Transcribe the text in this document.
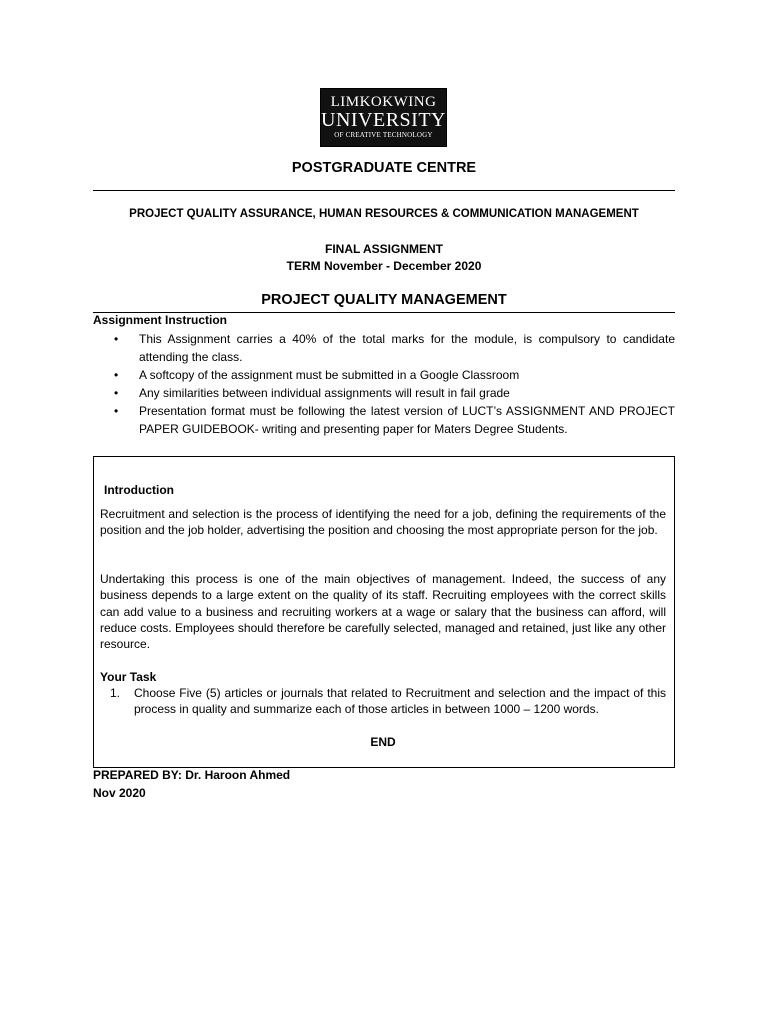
LIMKOKWING
UNIVERSITY
OF CREATIVE TECHNOLOGY
POSTGRADUATE CENTRE
PROJECT QUALITY ASSURANCE, HUMAN RESOURCES & COMMUNICATION MANAGEMENT
FINAL ASSIGNMENT
TERM November - December 2020
PROJECT QUALITY MANAGEMENT
Assignment Instruction
• This Assignment carries a 40% of the total marks for the module, is compulsory to candidate attending the class.
• A softcopy of the assignment must be submitted in a Google Classroom
• Any similarities between individual assignments will result in fail grade
• Presentation format must be following the latest version of LUCT’s ASSIGNMENT AND PROJECT PAPER GUIDEBOOK- writing and presenting paper for Maters Degree Students.
Introduction
Recruitment and selection is the process of identifying the need for a job, defining the requirements of the position and the job holder, advertising the position and choosing the most appropriate person for the job.
Undertaking this process is one of the main objectives of management. Indeed, the success of any business depends to a large extent on the quality of its staff. Recruiting employees with the correct skills can add value to a business and recruiting workers at a wage or salary that the business can afford, will reduce costs. Employees should therefore be carefully selected, managed and retained, just like any other resource.
Your Task
1. Choose Five (5) articles or journals that related to Recruitment and selection and the impact of this process in quality and summarize each of those articles in between 1000 – 1200 words.
END
PREPARED BY: Dr. Haroon Ahmed
Nov 2020
